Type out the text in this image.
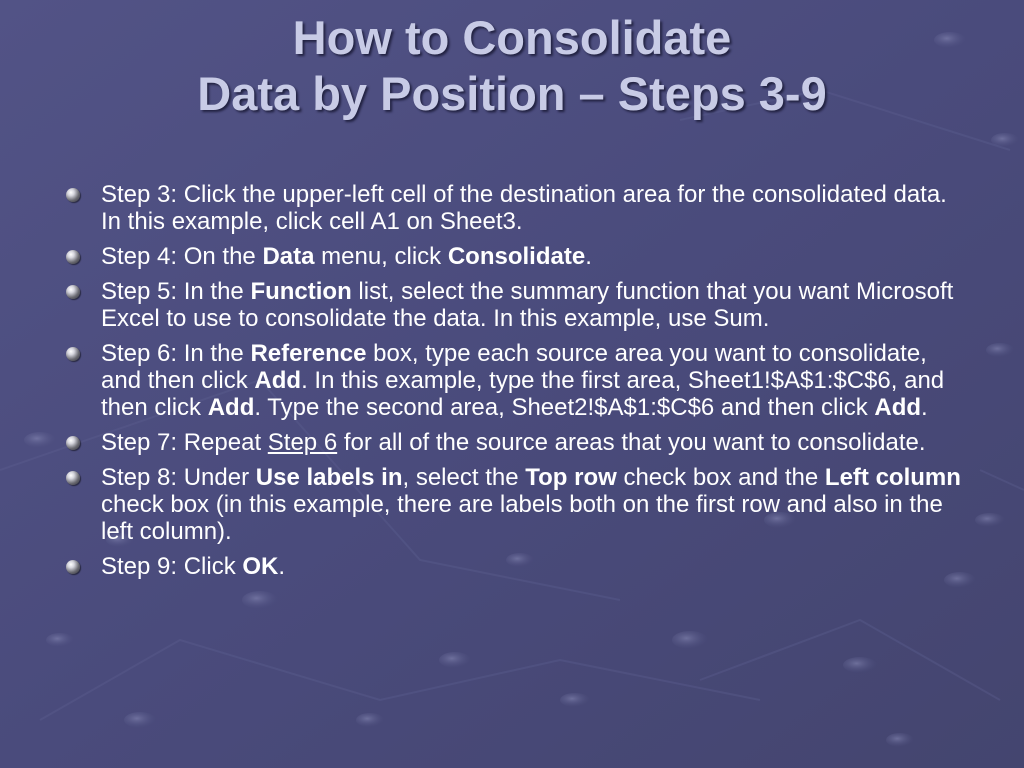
How to Consolidate
Data by Position – Steps 3-9
Step 3: Click the upper-left cell of the destination area for the consolidated data. In this example, click cell A1 on Sheet3.
Step 4: On the Data menu, click Consolidate.
Step 5: In the Function list, select the summary function that you want Microsoft Excel to use to consolidate the data. In this example, use Sum.
Step 6: In the Reference box, type each source area you want to consolidate, and then click Add. In this example, type the first area, Sheet1!$A$1:$C$6, and then click Add. Type the second area, Sheet2!$A$1:$C$6 and then click Add.
Step 7: Repeat Step 6 for all of the source areas that you want to consolidate.
Step 8: Under Use labels in, select the Top row check box and the Left column check box (in this example, there are labels both on the first row and also in the left column).
Step 9: Click OK.
